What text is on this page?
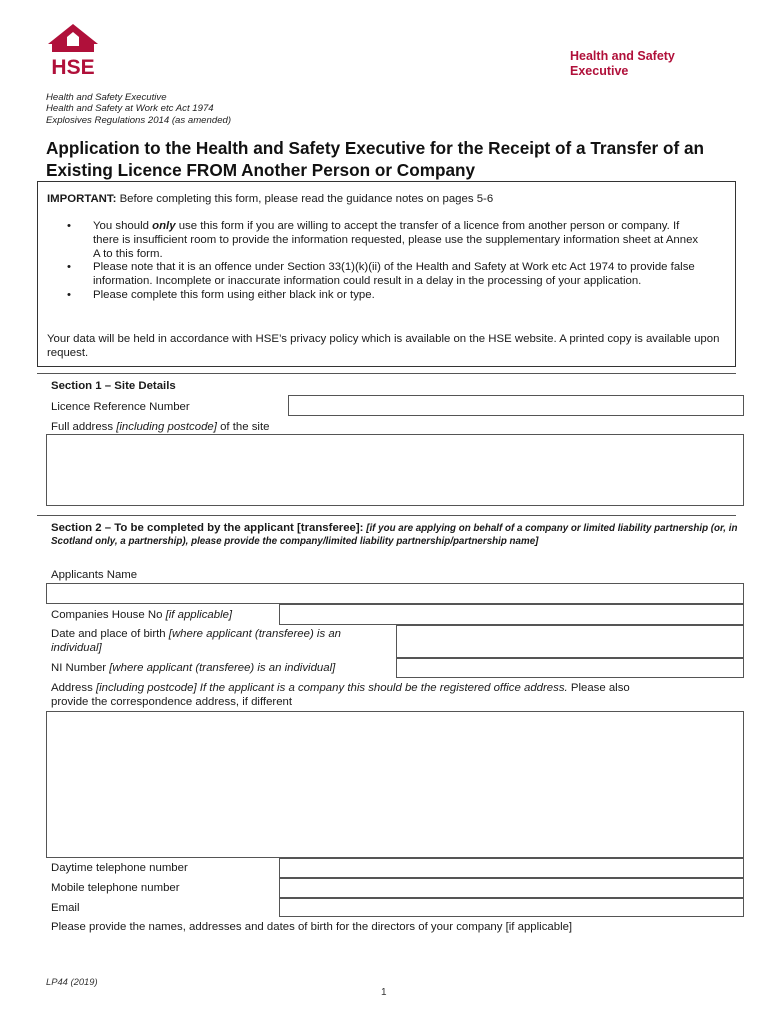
HSE	Health and Safety Executive
Health and Safety Executive
Health and Safety at Work etc Act 1974
Explosives Regulations 2014 (as amended)
Application to the Health and Safety Executive for the Receipt of a Transfer of an Existing Licence FROM Another Person or Company
IMPORTANT: Before completing this form, please read the guidance notes on pages 5-6
• You should only use this form if you are willing to accept the transfer of a licence from another person or company. If there is insufficient room to provide the information requested, please use the supplementary information sheet at Annex A to this form.
• Please note that it is an offence under Section 33(1)(k)(ii) of the Health and Safety at Work etc Act 1974 to provide false information. Incomplete or inaccurate information could result in a delay in the processing of your application.
• Please complete this form using either black ink or type.
Your data will be held in accordance with HSE’s privacy policy which is available on the HSE website. A printed copy is available upon request.
Section 1 – Site Details
Licence Reference Number
Full address [including postcode] of the site
Section 2 – To be completed by the applicant [transferee]: [if you are applying on behalf of a company or limited liability partnership (or, in Scotland only, a partnership), please provide the company/limited liability partnership/partnership name]
Applicants Name
Companies House No [if applicable]
Date and place of birth [where applicant (transferee) is an
individual]
NI Number [where applicant (transferee) is an individual]
Address [including postcode] If the applicant is a company this should be the registered office address. Please also
provide the correspondence address, if different
Daytime telephone number
Mobile telephone number
Email
Please provide the names, addresses and dates of birth for the directors of your company [if applicable]
LP44 (2019)
1
